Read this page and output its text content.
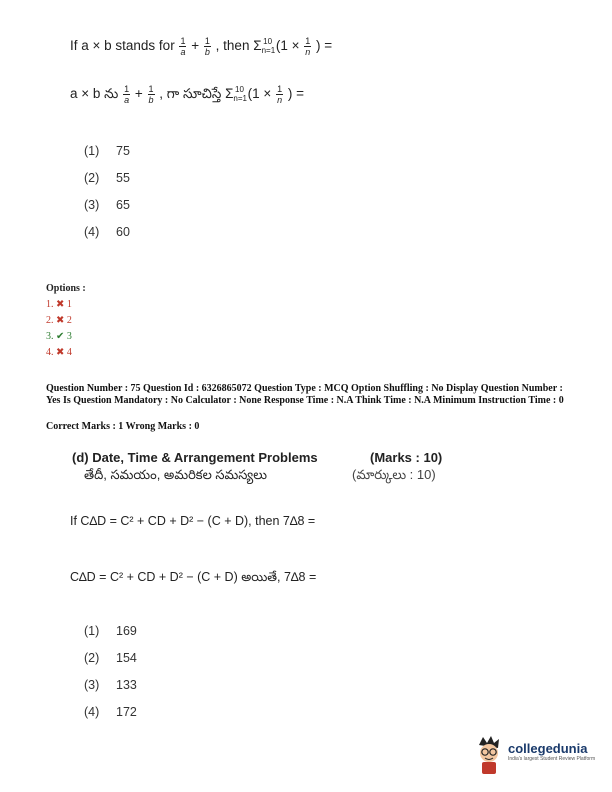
If a × b stands for $\frac{1}{a} + \frac{1}{b}$ , then $\Sigma_{n=1}^{10}$ ($1 \times \frac{1}{n}$ ) =
a × b ను $\frac{1}{a} + \frac{1}{b}$ , గా సూచిస్తే $\Sigma_{n=1}^{10}$ ($1 \times \frac{1}{n}$ ) =
(1) 75
(2) 55
(3) 65
(4) 60
Options :
1. ✖ 1
2. ✖ 2
3. ✔ 3
4. ✖ 4
Question Number : 75 Question Id : 6326865072 Question Type : MCQ Option Shuffling : No Display Question Number : Yes Is Question Mandatory : No Calculator : None Response Time : N.A Think Time : N.A Minimum Instruction Time : 0
Correct Marks : 1 Wrong Marks : 0
(d) Date, Time & Arrangement Problems	(Marks : 10)
తేదీ, సమయం, అమరికల సమస్యలు	(మార్కులు : 10)
If C∆D = C² + CD + D² − (C + D), then 7∆8 =
C∆D = C² + CD + D² − (C + D) అయితే, 7∆8 =
(1) 169
(2) 154
(3) 133
(4) 172
collegedunia
India's largest Student Review Platform
